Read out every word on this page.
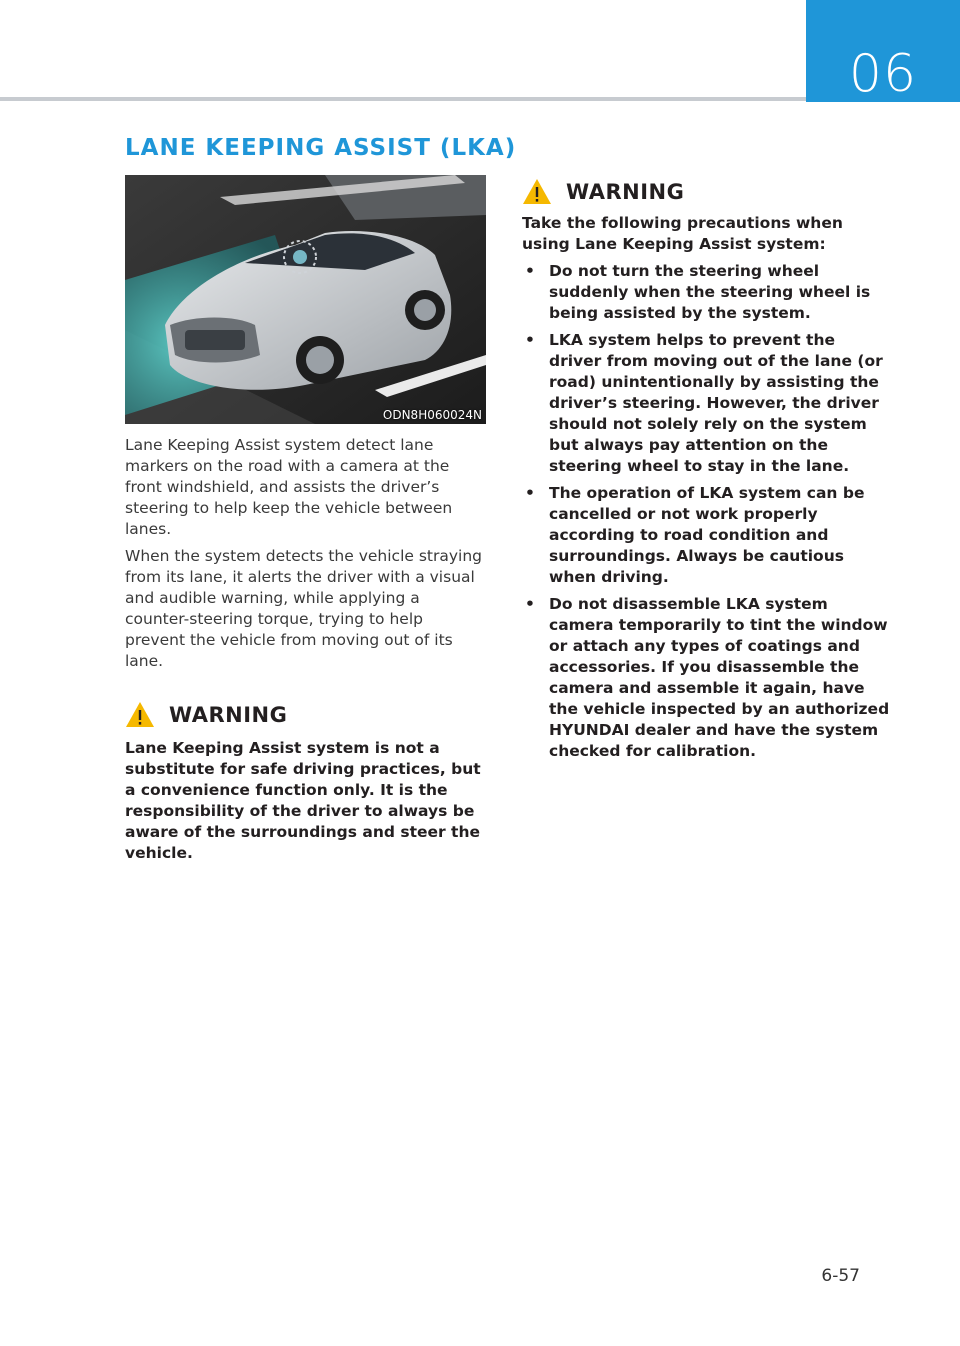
06
LANE KEEPING ASSIST (LKA)
ODN8H060024N

Lane Keeping Assist system detect lane markers on the road with a camera at the front windshield, and assists the driver’s steering to help keep the vehicle between lanes.

When the system detects the vehicle straying from its lane, it alerts the driver with a visual and audible warning, while applying a counter-steering torque, trying to help prevent the vehicle from moving out of its lane.

WARNING

Lane Keeping Assist system is not a substitute for safe driving practices, but a convenience function only. It is the responsibility of the driver to always be aware of the surroundings and steer the vehicle.

WARNING

Take the following precautions when using Lane Keeping Assist system:

• Do not turn the steering wheel suddenly when the steering wheel is being assisted by the system.
• LKA system helps to prevent the driver from moving out of the lane (or road) unintentionally by assisting the driver’s steering. However, the driver should not solely rely on the system but always pay attention on the steering wheel to stay in the lane.
• The operation of LKA system can be cancelled or not work properly according to road condition and surroundings. Always be cautious when driving.
• Do not disassemble LKA system camera temporarily to tint the window or attach any types of coatings and accessories. If you disassemble the camera and assemble it again, have the vehicle inspected by an authorized HYUNDAI dealer and have the system checked for calibration.
6-57
